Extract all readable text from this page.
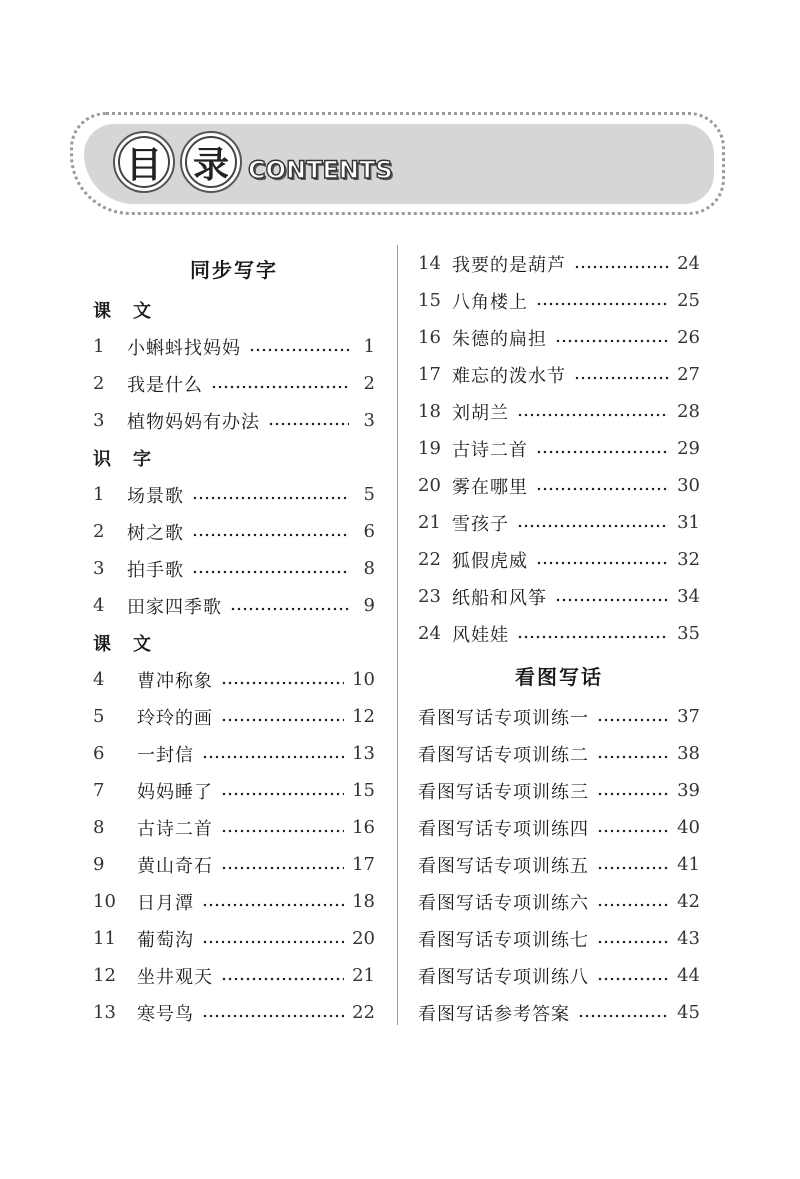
目 录 CONTENTS
同步写字
课文
1	小蝌蚪找妈妈	1
2	我是什么	2
3	植物妈妈有办法	3
识字
1	场景歌	5
2	树之歌	6
3	拍手歌	8
4	田家四季歌	9
课文
4	曹冲称象	10
5	玲玲的画	12
6	一封信	13
7	妈妈睡了	15
8	古诗二首	16
9	黄山奇石	17
10	日月潭	18
11	葡萄沟	20
12	坐井观天	21
13	寒号鸟	22
14 我要的是葫芦	24
15 八角楼上	25
16 朱德的扁担	26
17 难忘的泼水节	27
18 刘胡兰	28
19 古诗二首	29
20 雾在哪里	30
21 雪孩子	31
22 狐假虎威	32
23 纸船和风筝	34
24 风娃娃	35
看图写话
看图写话专项训练一	37
看图写话专项训练二	38
看图写话专项训练三	39
看图写话专项训练四	40
看图写话专项训练五	41
看图写话专项训练六	42
看图写话专项训练七	43
看图写话专项训练八	44
看图写话参考答案	45
